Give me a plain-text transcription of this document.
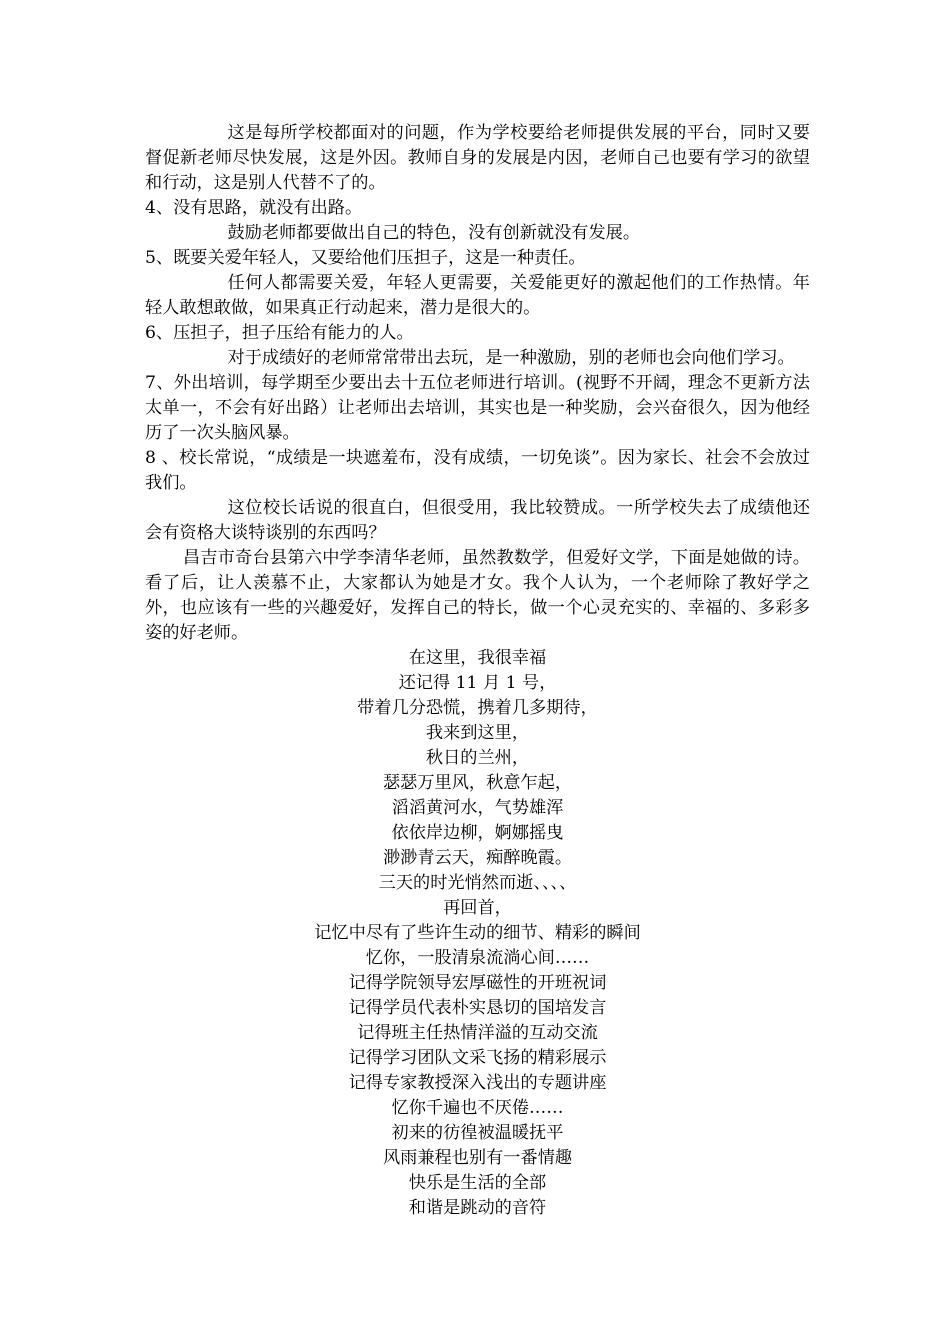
这是每所学校都面对的问题，作为学校要给老师提供发展的平台，同时又要督促新老师尽快发展，这是外因。教师自身的发展是内因，老师自己也要有学习的欲望和行动，这是别人代替不了的。

4、没有思路，就没有出路。

鼓励老师都要做出自己的特色，没有创新就没有发展。

5、既要关爱年轻人，又要给他们压担子，这是一种责任。

任何人都需要关爱，年轻人更需要，关爱能更好的激起他们的工作热情。年轻人敢想敢做，如果真正行动起来，潜力是很大的。

6、压担子，担子压给有能力的人。

对于成绩好的老师常常带出去玩，是一种激励，别的老师也会向他们学习。

7、外出培训，每学期至少要出去十五位老师进行培训。(视野不开阔，理念不更新方法太单一，不会有好出路）让老师出去培训，其实也是一种奖励，会兴奋很久，因为他经历了一次头脑风暴。

8 、校长常说，“成绩是一块遮羞布，没有成绩，一切免谈”。因为家长、社会不会放过我们。

这位校长话说的很直白，但很受用，我比较赞成。一所学校失去了成绩他还会有资格大谈特谈别的东西吗？

昌吉市奇台县第六中学李清华老师，虽然教数学，但爱好文学，下面是她做的诗。看了后，让人羡慕不止，大家都认为她是才女。我个人认为，一个老师除了教好学之外，也应该有一些的兴趣爱好，发挥自己的特长，做一个心灵充实的、幸福的、多彩多姿的好老师。

在这里，我很幸福
还记得 11 月 1 号，
带着几分恐慌，携着几多期待，
我来到这里，
秋日的兰州，
瑟瑟万里风，秋意乍起，
滔滔黄河水，气势雄浑
依依岸边柳，婀娜摇曳
渺渺青云天，痴醉晚霞。
三天的时光悄然而逝、、、、
再回首，
记忆中尽有了些许生动的细节、精彩的瞬间
忆你，一股清泉流淌心间……
记得学院领导宏厚磁性的开班祝词
记得学员代表朴实恳切的国培发言
记得班主任热情洋溢的互动交流
记得学习团队文采飞扬的精彩展示
记得专家教授深入浅出的专题讲座
忆你千遍也不厌倦……
初来的彷徨被温暖抚平
风雨兼程也别有一番情趣
快乐是生活的全部
和谐是跳动的音符
